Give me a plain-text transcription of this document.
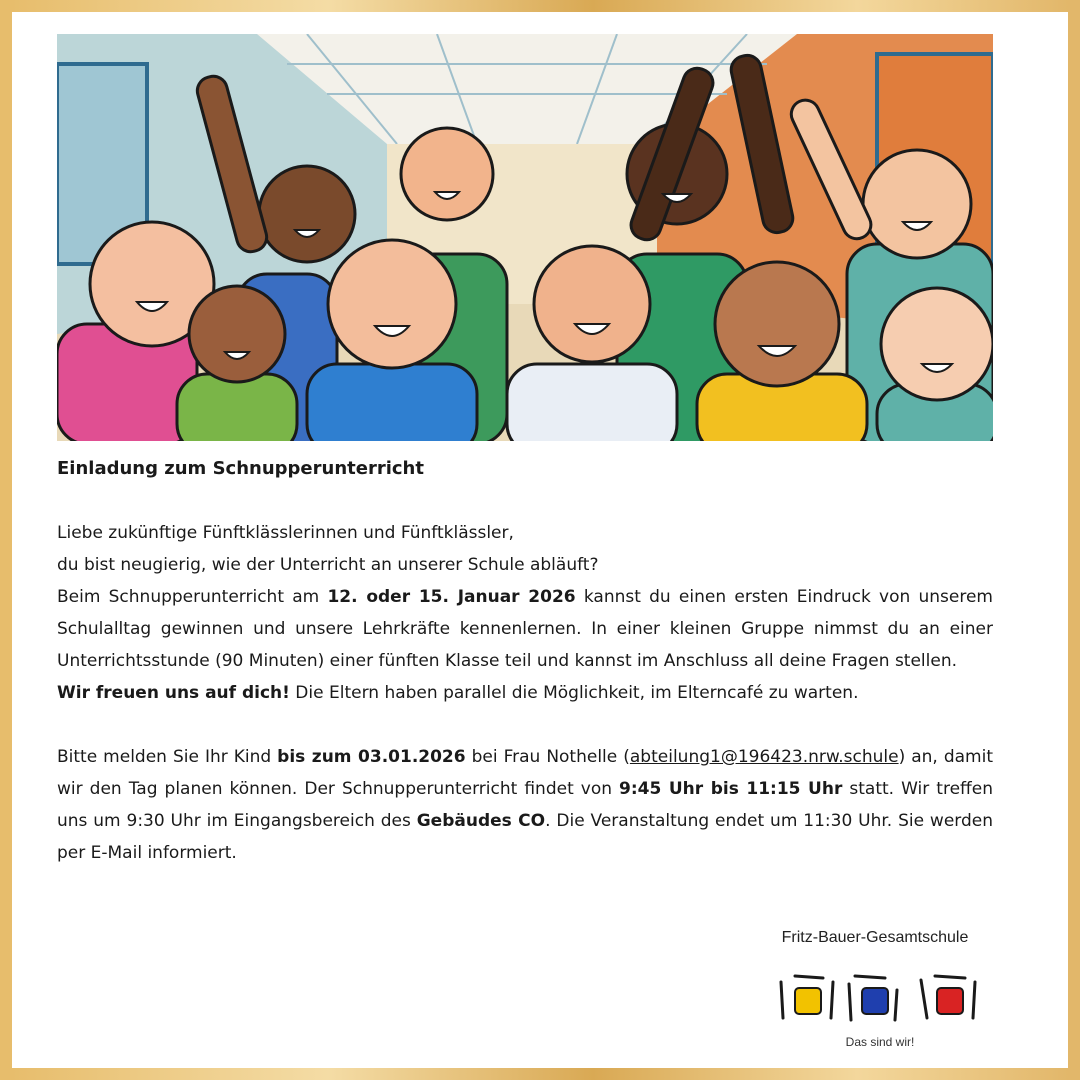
Einladung zum Schnupperunterricht

Liebe zukünftige Fünftklässlerinnen und Fünftklässler,

du bist neugierig, wie der Unterricht an unserer Schule abläuft?

Beim Schnupperunterricht am 12. oder 15. Januar 2026 kannst du einen ersten Eindruck von unserem Schulalltag gewinnen und unsere Lehrkräfte kennenlernen. In einer kleinen Gruppe nimmst du an einer Unterrichtsstunde (90 Minuten) einer fünften Klasse teil und kannst im Anschluss all deine Fragen stellen.

Wir freuen uns auf dich! Die Eltern haben parallel die Möglichkeit, im Elterncafé zu warten.

Bitte melden Sie Ihr Kind bis zum 03.01.2026 bei Frau Nothelle (abteilung1@196423.nrw.schule) an, damit wir den Tag planen können. Der Schnupperunterricht findet von 9:45 Uhr bis 11:15 Uhr statt. Wir treffen uns um 9:30 Uhr im Eingangsbereich des Gebäudes CO. Die Veranstaltung endet um 11:30 Uhr. Sie werden per E-Mail informiert.

Fritz-Bauer-Gesamtschule
Das sind wir!
